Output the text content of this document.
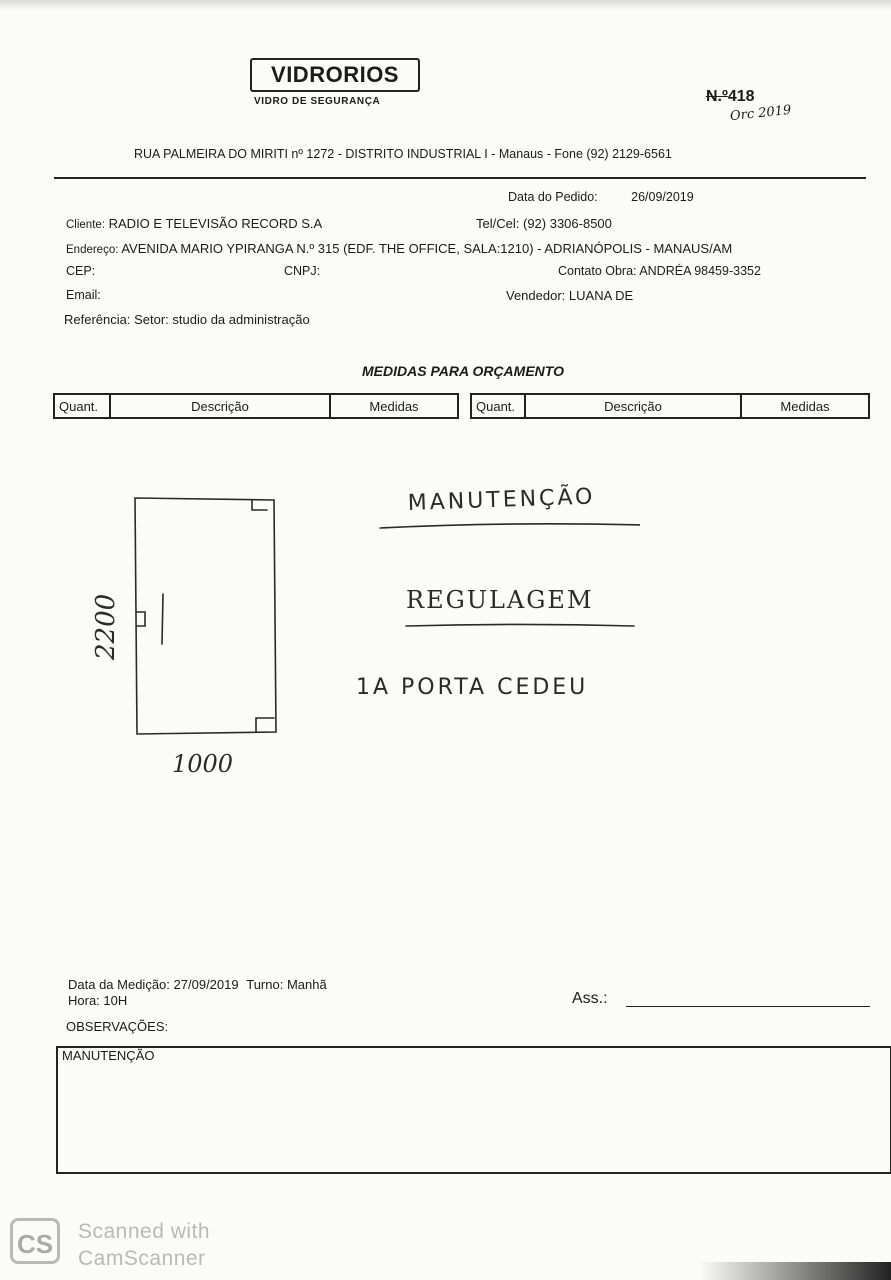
VIDRORIOS
VIDRO DE SEGURANÇA	N.º418
Orc 2019
RUA PALMEIRA DO MIRITI nº 1272 - DISTRITO INDUSTRIAL I - Manaus - Fone (92) 2129-6561
Data do Pedido:	26/09/2019
Cliente: RADIO E TELEVISÃO RECORD S.A	Tel/Cel: (92) 3306-8500
Endereço: AVENIDA MARIO YPIRANGA N.º 315 (EDF. THE OFFICE, SALA:1210) - ADRIANÓPOLIS - MANAUS/AM
CEP:	CNPJ:	Contato Obra: ANDRÉA 98459-3352
Email:	Vendedor: LUANA DE
Referência: Setor: studio da administração
MEDIDAS PARA ORÇAMENTO
Quant.	Descrição	Medidas	Quant.	Descrição	Medidas
2200
1000
MANUTENÇÃO
REGULAGEM
1A PORTA CEDEU
Data da Medição: 27/09/2019 Turno: Manhã
Hora: 10H	Ass.:
OBSERVAÇÕES:
MANUTENÇÃO
CS	Scanned with
CamScanner
